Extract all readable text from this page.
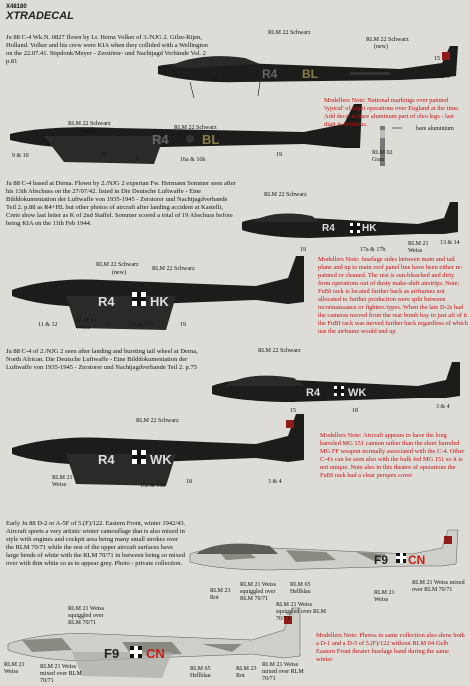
X48180
XTRADECAL
Ju 88 C-4 Wk.N. 0827 flown by Lt. Heinz Volker of 3./NJG 2. Gilze-Rijen, Holland. Volker and his crew were KIA when they collided with a Wellington on the 22.07.41. Stipdonk/Meyer - Zerstörer- und Nachtjagd Verbände Vol. 2 p.81
R4 BL
RLM 22 Schwarz
RLM 22 Schwarz
(new)
1
19	5 & 8
15
R4	BL
RLM 22 Schwarz
(new)
RLM 22 Schwarz
9 & 10	15
2	16a & 16b
19
Modellers Note: National markings over painted 'typical' of night operations over England at the time. Add decal to bare aluminum part of oleo legs - last digit is fictitious.
bare aluminium
RLM 02 Grau
Ju 88 C-4 based at Derna. Flown by 2./NJG 2 expertan Fw. Hermann Sommer seen after his 13th Abschuss on the 27/07/42. listed in Die Deutsche Luftwaffe - Eine Bilddokumentation der Luftwaffe von 1935-1945 - Zerstorer und Nachtjagdverbande Teil 2. p.88 as R4+HL but other photos of aircraft after landing accident at Kastelli, Crete show last letter as K of 2nd Staffel. Sommer scored a total of 19 Abschuss before being KIA on the 11th Feb 1944.	R4	HK
RLM 22 Schwarz
17a & 17b
13 & 14
RLM 21 Weiss
19
R4	HK
RLM 22 Schwarz
(new)
RLM 22 Schwarz
11 & 12
RLM 21 Weiss	17a & 17b
15	19
Modellers Note: fuselage sides between main and tail plane and up to main roof panel line have been either re-painted or cleaned. The rest is sun-bleached and dirty from operations out of dusty make-shift airstrips. Note; FuBI rack is located further back as airframes not allocated to further production were split between reconnaissance or fighters types. When the late D-2s had the cameras moved from the rear bomb bay to just aft of it the FuBI rack was moved further back regardless of which use the airframe would end up
Ju 88 C-4 of 2./NJG 2 seen after landing and bursting tail wheel at Derna, North African. Die Deutsche Luftwaffe - Eine Bilddokumentation der Luftwaffe von 1935-1945 - Zerstorer und Nachtjagdverbande Teil 2. p.75
R4	WK
RLM 22 Schwarz
15	18
3 & 4
R4	WK
RLM 22 Schwarz
RLM 21 Weiss	16a & 16b
18	3 & 4
Modellers Note: Aircraft appears to have the long barreled MG 151 cannon rather than the short barreled MG FF weapon normally associated with the C-4. Other C-4's can be seen also with the bulk fed MG 151 so it is not unique. Note also in this theatre of operations the FuBI rack had a clear perspex cover
Early Ju 88 D-2 or A-5F of 5.(F)/122. Eastern Front, winter 1942/43. Aircraft sports a very artistic winter camouflage that is also mixed in style with engines and cockpit area being many small strokes over the RLM 70/71 while the rest of the upper aircraft surfaces have large bends of white with the RLM 70/71 in between being so mixed over with thin white so as to appear grey. Photo - private collection.	F9 CN
RLM 23 Rot
RLM 21 Weiss squiggled over RLM 70/71
RLM 65 Hellblau	RLM 21 Weiss
RLM 21 Weiss mixed over RLM 70/71
F9 CN
RLM 21 Weiss squiggled over RLM 70/71
RLM 21 Weiss squiggled over RLM 70/71
RLM 21 Weiss
RLM 21 Weiss mixed over RLM 70/71
RLM 65 Hellblau
RLM 23 Rot
RLM 21 Weiss mixed over RLM 70/71
Modellers Note: Photos in same collection also show both a D-1 and a D-5 of 5.(F)/122 without RLM 04 Gelb Eastern Front theater fuselage band during the same winter
